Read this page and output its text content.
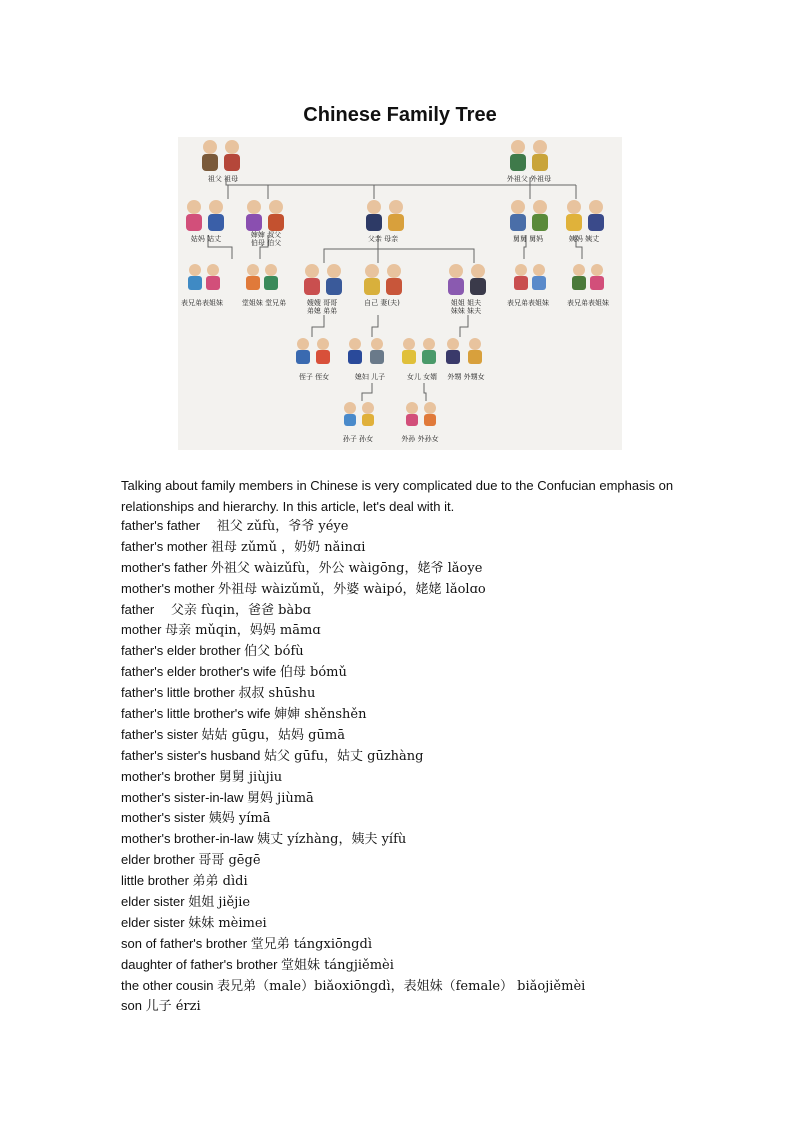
Chinese Family Tree
祖父 祖母	外祖父 外祖母
姑妈 姑丈	婶婶 叔父
伯母 伯父	父亲 母亲	舅舅 舅妈	姨妈 姨丈
表兄弟表姐妹	堂姐妹 堂兄弟	嫂嫂 哥哥
弟媳 弟弟
自己 妻(夫)	姐姐 姐夫
妹妹 妹夫
表兄弟表姐妹	表兄弟表姐妹
侄子 侄女	媳妇 儿子	女儿 女婿 外甥 外甥女
孙子 孙女	外孙 外孙女

Talking about family members in Chinese is very complicated due to the Confucian emphasis on relationships and hierarchy. In this article, let's deal with it.

father's father 　祖父 zǔfù，爷爷 yéye
father's mother 祖母 zǔmǔ ，奶奶 nǎinɑi
mother's father 外祖父 wàizǔfù，外公 wàigōng，姥爷 lǎoye
mother's mother 外祖母 wàizǔmǔ，外婆 wàipó，姥姥 lǎolɑo
father 　父亲 fùqin，爸爸 bàbɑ
mother 母亲 mǔqin，妈妈 māmɑ
father's elder brother 伯父 bófù
father's elder brother's wife 伯母 bómǔ
father's little brother 叔叔 shūshu
father's little brother's wife 婶婶 shěnshěn
father's sister 姑姑 gūgu，姑妈 gūmā
father's sister's husband 姑父 gūfu，姑丈 gūzhàng
mother's brother 舅舅 jiùjiu
mother's sister-in-law 舅妈 jiùmā
mother's sister 姨妈 yímā
mother's brother-in-law 姨丈 yízhàng，姨夫 yífù
elder brother 哥哥 gēgē
little brother 弟弟 dìdi
elder sister 姐姐 jiějie
elder sister 妹妹 mèimei
son of father's brother 堂兄弟 tángxiōngdì
daughter of father's brother 堂姐妹 tángjiěmèi
the other cousin 表兄弟（male）biǎoxiōngdì，表姐妹（female） biǎojiěmèi
son 儿子 érzi
